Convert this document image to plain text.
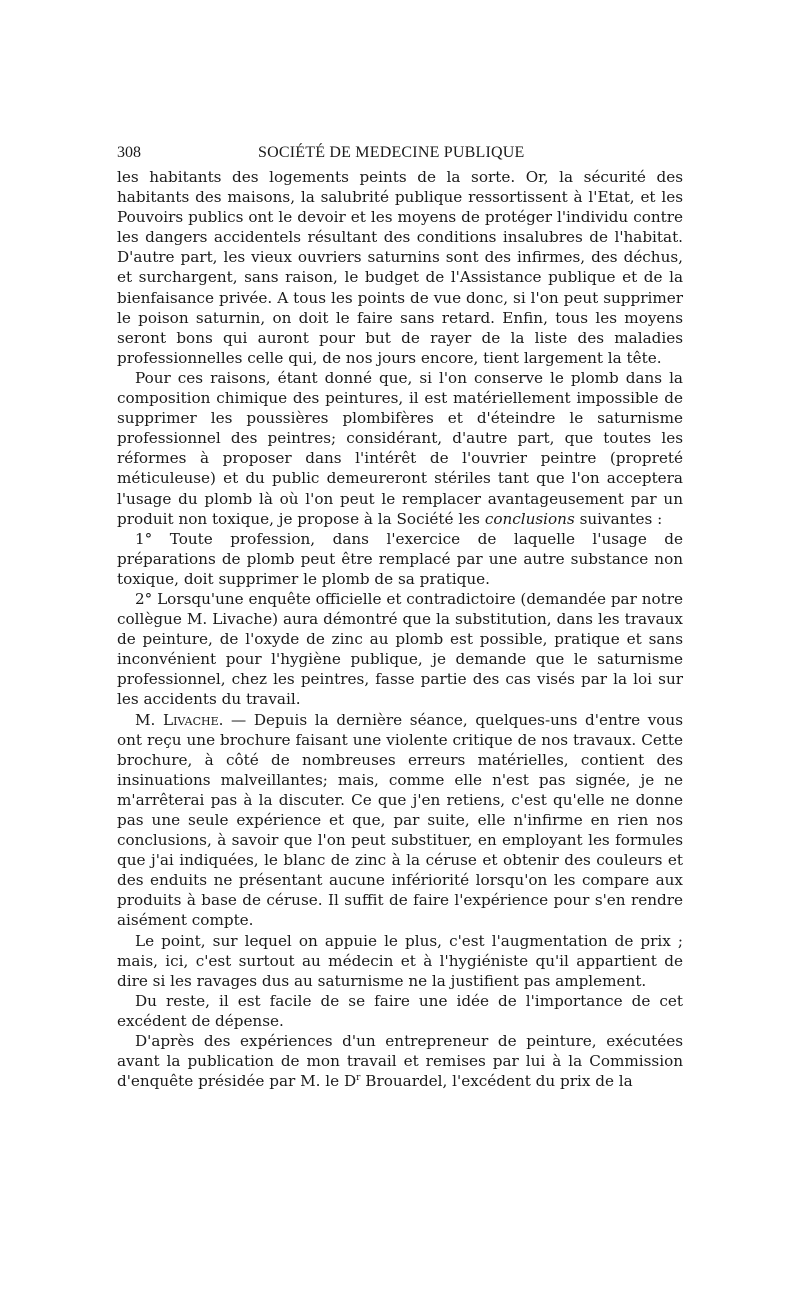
308	SOCIÉTÉ DE MEDECINE PUBLIQUE

les habitants des logements peints de la sorte. Or, la sécurité des habitants des maisons, la salubrité publique ressortissent à l'Etat, et les Pouvoirs publics ont le devoir et les moyens de protéger l'individu contre les dangers accidentels résultant des conditions insalubres de l'habitat. D'autre part, les vieux ouvriers saturnins sont des infirmes, des déchus, et surchargent, sans raison, le budget de l'Assistance publique et de la bienfaisance privée. A tous les points de vue donc, si l'on peut supprimer le poison saturnin, on doit le faire sans retard. Enfin, tous les moyens seront bons qui auront pour but de rayer de la liste des maladies professionnelles celle qui, de nos jours encore, tient largement la tête.

Pour ces raisons, étant donné que, si l'on conserve le plomb dans la composition chimique des peintures, il est matériellement impossible de supprimer les poussières plombifères et d'éteindre le saturnisme professionnel des peintres; considérant, d'autre part, que toutes les réformes à proposer dans l'intérêt de l'ouvrier peintre (propreté méticuleuse) et du public demeureront stériles tant que l'on acceptera l'usage du plomb là où l'on peut le remplacer avantageusement par un produit non toxique, je propose à la Société les conclusions suivantes :

1° Toute profession, dans l'exercice de laquelle l'usage de préparations de plomb peut être remplacé par une autre substance non toxique, doit supprimer le plomb de sa pratique.

2° Lorsqu'une enquête officielle et contradictoire (demandée par notre collègue M. Livache) aura démontré que la substitution, dans les travaux de peinture, de l'oxyde de zinc au plomb est possible, pratique et sans inconvénient pour l'hygiène publique, je demande que le saturnisme professionnel, chez les peintres, fasse partie des cas visés par la loi sur les accidents du travail.

M. Livache. — Depuis la dernière séance, quelques-uns d'entre vous ont reçu une brochure faisant une violente critique de nos travaux. Cette brochure, à côté de nombreuses erreurs matérielles, contient des insinuations malveillantes; mais, comme elle n'est pas signée, je ne m'arrêterai pas à la discuter. Ce que j'en retiens, c'est qu'elle ne donne pas une seule expérience et que, par suite, elle n'infirme en rien nos conclusions, à savoir que l'on peut substituer, en employant les formules que j'ai indiquées, le blanc de zinc à la céruse et obtenir des couleurs et des enduits ne présentant aucune infériorité lorsqu'on les compare aux produits à base de céruse. Il suffit de faire l'expérience pour s'en rendre aisément compte.

Le point, sur lequel on appuie le plus, c'est l'augmentation de prix ; mais, ici, c'est surtout au médecin et à l'hygiéniste qu'il appartient de dire si les ravages dus au saturnisme ne la justifient pas amplement.

Du reste, il est facile de se faire une idée de l'importance de cet excédent de dépense.

D'après des expériences d'un entrepreneur de peinture, exécutées avant la publication de mon travail et remises par lui à la Commission d'enquête présidée par M. le $D^r$ Brouardel, l'excédent du prix de la
